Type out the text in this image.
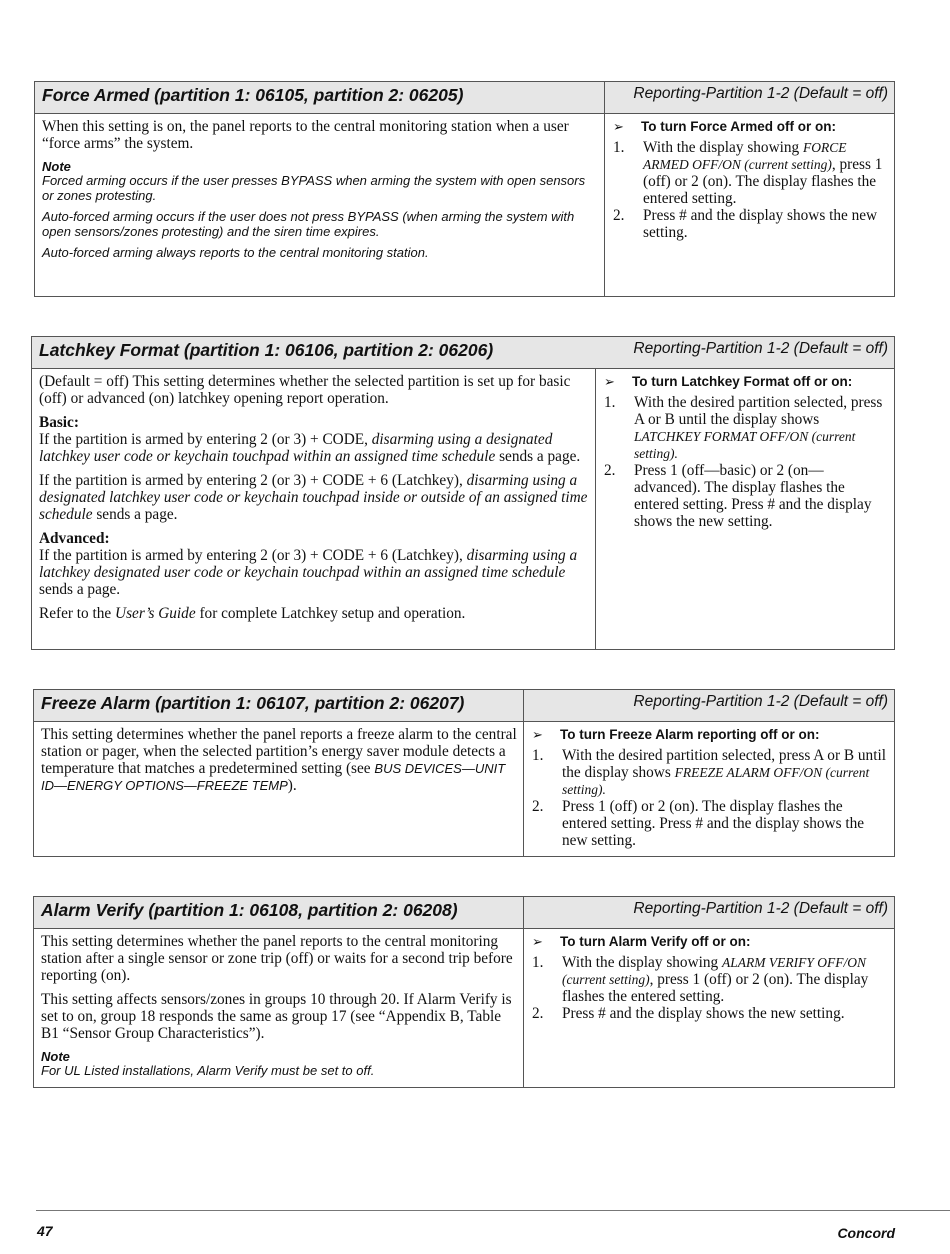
Force Armed (partition 1: 06105, partition 2: 06205)	Reporting-Partition 1-2 (Default = off)

When this setting is on, the panel reports to the central monitoring station when a user “force arms” the system.

Note

Forced arming occurs if the user presses BYPASS when arming the system with open sensors or zones protesting.

Auto-forced arming occurs if the user does not press BYPASS (when arming the system with open sensors/zones protesting) and the siren time expires.

Auto-forced arming always reports to the central monitoring station.

➢	To turn Force Armed off or on:
1.	With the display showing FORCE ARMED OFF/ON (current setting), press 1 (off) or 2 (on). The display flashes the entered setting.
2.	Press # and the display shows the new setting.
Latchkey Format (partition 1: 06106, partition 2: 06206)	Reporting-Partition 1-2 (Default = off)

(Default = off) This setting determines whether the selected partition is set up for basic (off) or advanced (on) latchkey opening report operation.

Basic:

If the partition is armed by entering 2 (or 3) + CODE, disarming using a designated latchkey user code or keychain touchpad within an assigned time schedule sends a page.

If the partition is armed by entering 2 (or 3) + CODE + 6 (Latchkey), disarming using a designated latchkey user code or keychain touchpad inside or outside of an assigned time schedule sends a page.

Advanced:

If the partition is armed by entering 2 (or 3) + CODE + 6 (Latchkey), disarming using a latchkey designated user code or keychain touchpad within an assigned time schedule sends a page.

Refer to the User’s Guide for complete Latchkey setup and operation.

➢	To turn Latchkey Format off or on:
1.	With the desired partition selected, press A or B until the display shows LATCHKEY FORMAT OFF/ON (current setting).
2.	Press 1 (off—basic) or 2 (on—advanced). The display flashes the entered setting. Press # and the display shows the new setting.
Freeze Alarm (partition 1: 06107, partition 2: 06207)	Reporting-Partition 1-2 (Default = off)

This setting determines whether the panel reports a freeze alarm to the central station or pager, when the selected partition’s energy saver module detects a temperature that matches a predetermined setting (see BUS DEVICES—UNIT ID—ENERGY OPTIONS—FREEZE TEMP).

➢	To turn Freeze Alarm reporting off or on:
1.	With the desired partition selected, press A or B until the display shows FREEZE ALARM OFF/ON (current setting).
2.	Press 1 (off) or 2 (on). The display flashes the entered setting. Press # and the display shows the new setting.
Alarm Verify (partition 1: 06108, partition 2: 06208)	Reporting-Partition 1-2 (Default = off)

This setting determines whether the panel reports to the central monitoring station after a single sensor or zone trip (off) or waits for a second trip before reporting (on).

This setting affects sensors/zones in groups 10 through 20. If Alarm Verify is set to on, group 18 responds the same as group 17 (see “Appendix B, Table B1 “Sensor Group Characteristics”).

Note

For UL Listed installations, Alarm Verify must be set to off.

➢	To turn Alarm Verify off or on:
1.	With the display showing ALARM VERIFY OFF/ON (current setting), press 1 (off) or 2 (on). The display flashes the entered setting.
2.	Press # and the display shows the new setting.
47	Concord
